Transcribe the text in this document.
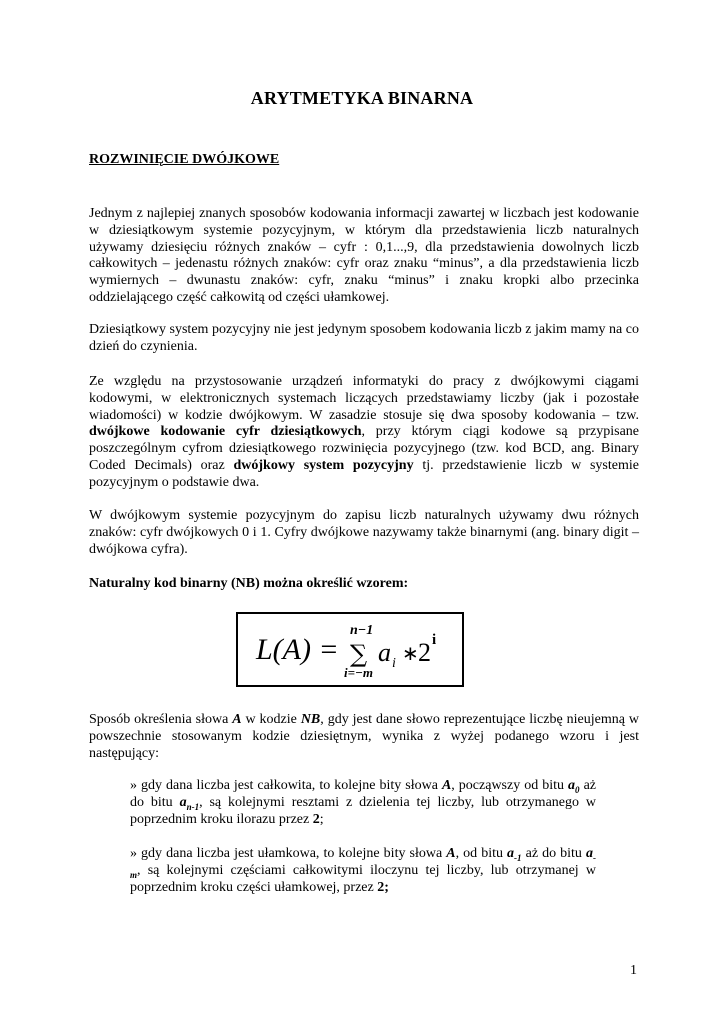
ARYTMETYKA BINARNA
ROZWINIĘCIE DWÓJKOWE

Jednym z najlepiej znanych sposobów kodowania informacji zawartej w liczbach jest kodowanie w dziesiątkowym systemie pozycyjnym, w którym dla przedstawienia liczb naturalnych używamy dziesięciu różnych znaków – cyfr : 0,1...,9, dla przedstawienia dowolnych liczb całkowitych – jedenastu różnych znaków: cyfr oraz znaku “minus”, a dla przedstawienia liczb wymiernych – dwunastu znaków: cyfr, znaku “minus” i znaku kropki albo przecinka oddzielającego część całkowitą od części ułamkowej.

Dziesiątkowy system pozycyjny nie jest jedynym sposobem kodowania liczb z jakim mamy na co dzień do czynienia.

Ze względu na przystosowanie urządzeń informatyki do pracy z dwójkowymi ciągami kodowymi, w elektronicznych systemach liczących przedstawiamy liczby (jak i pozostałe wiadomości) w kodzie dwójkowym. W zasadzie stosuje się dwa sposoby kodowania – tzw. dwójkowe kodowanie cyfr dziesiątkowych, przy którym ciągi kodowe są przypisane poszczególnym cyfrom dziesiątkowego rozwinięcia pozycyjnego (tzw. kod BCD, ang. Binary Coded Decimals) oraz dwójkowy system pozycyjny tj. przedstawienie liczb w systemie pozycyjnym o podstawie dwa.

W dwójkowym systemie pozycyjnym do zapisu liczb naturalnych używamy dwu różnych znaków: cyfr dwójkowych 0 i 1. Cyfry dwójkowe nazywamy także binarnymi (ang. binary digit – dwójkowa cyfra).

Naturalny kod binarny (NB) można określić wzorem:

L(A) =
n−1
∑
i=−m
a i ∗ 2 i

Sposób określenia słowa A w kodzie NB, gdy jest dane słowo reprezentujące liczbę nieujemną w powszechnie stosowanym kodzie dziesiętnym, wynika z wyżej podanego wzoru i jest następujący:

» gdy dana liczba jest całkowita, to kolejne bity słowa A, począwszy od bitu $a_0$ aż do bitu $a_{n-1}$, są kolejnymi resztami z dzielenia tej liczby, lub otrzymanego w poprzednim kroku ilorazu przez 2;

» gdy dana liczba jest ułamkowa, to kolejne bity słowa A, od bitu $a_{-1}$ aż do bitu $a_{-m}$, są kolejnymi częściami całkowitymi iloczynu tej liczby, lub otrzymanej w poprzednim kroku części ułamkowej, przez 2;

1
